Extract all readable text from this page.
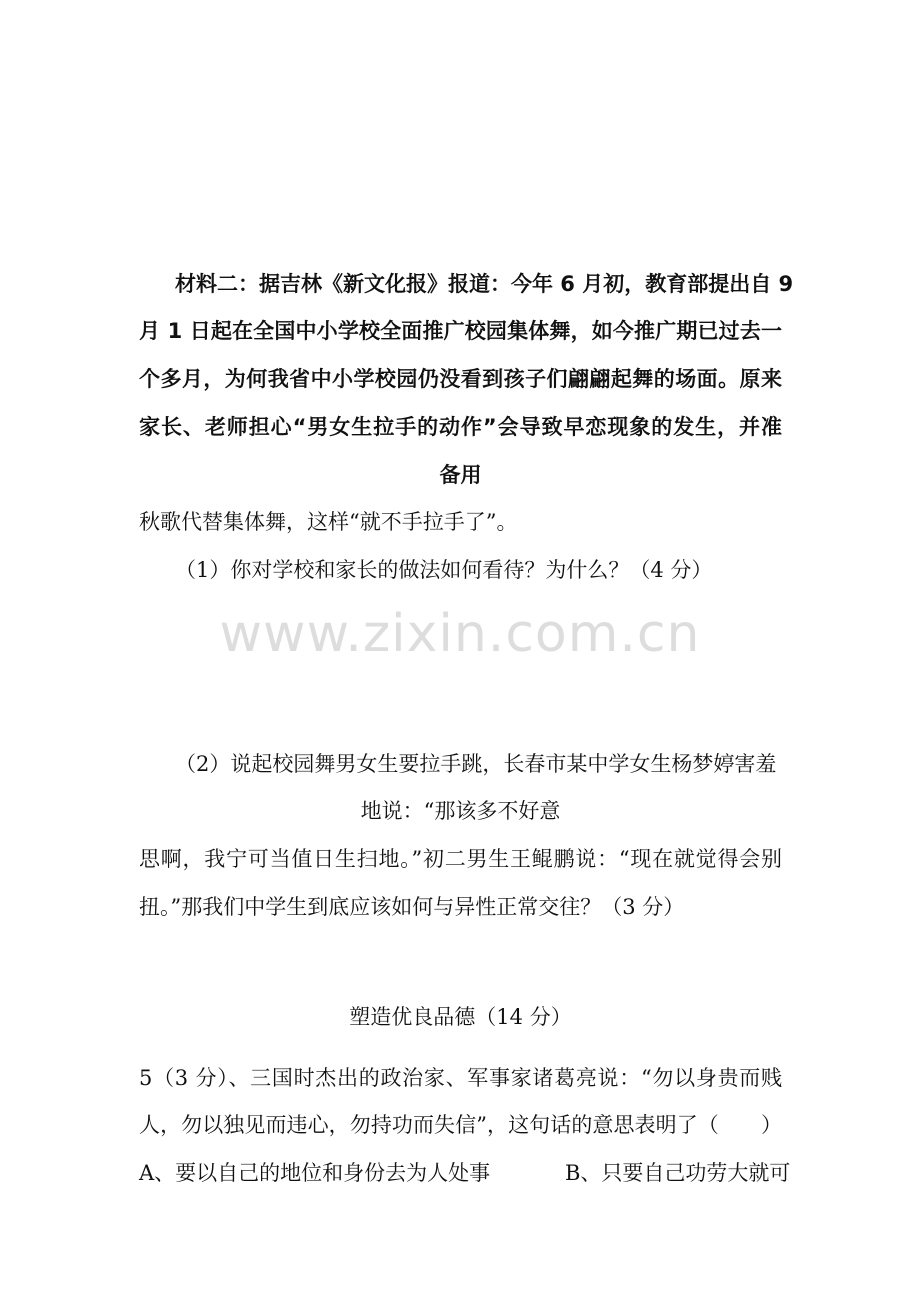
材料二：据吉林《新文化报》报道：今年 6 月初，教育部提出自 9
月 1 日起在全国中小学校全面推广校园集体舞，如今推广期已过去一
个多月，为何我省中小学校园仍没看到孩子们翩翩起舞的场面。原来
家长、老师担心“男女生拉手的动作”会导致早恋现象的发生，并准
备用
秋歌代替集体舞，这样“就不手拉手了”。
（1）你对学校和家长的做法如何看待？为什么？（4 分）
www.zixin.com.cn
（2）说起校园舞男女生要拉手跳，长春市某中学女生杨梦婷害羞
地说：“那该多不好意
思啊，我宁可当值日生扫地。”初二男生王鲲鹏说：“现在就觉得会别
扭。”那我们中学生到底应该如何与异性正常交往？（3 分）
塑造优良品德（14 分）
5（3 分）、三国时杰出的政治家、军事家诸葛亮说：“勿以身贵而贱
人，勿以独见而违心，勿持功而失信”，这句话的意思表明了（　　）
A、要以自己的地位和身份去为人处事	B、只要自己功劳大就可
